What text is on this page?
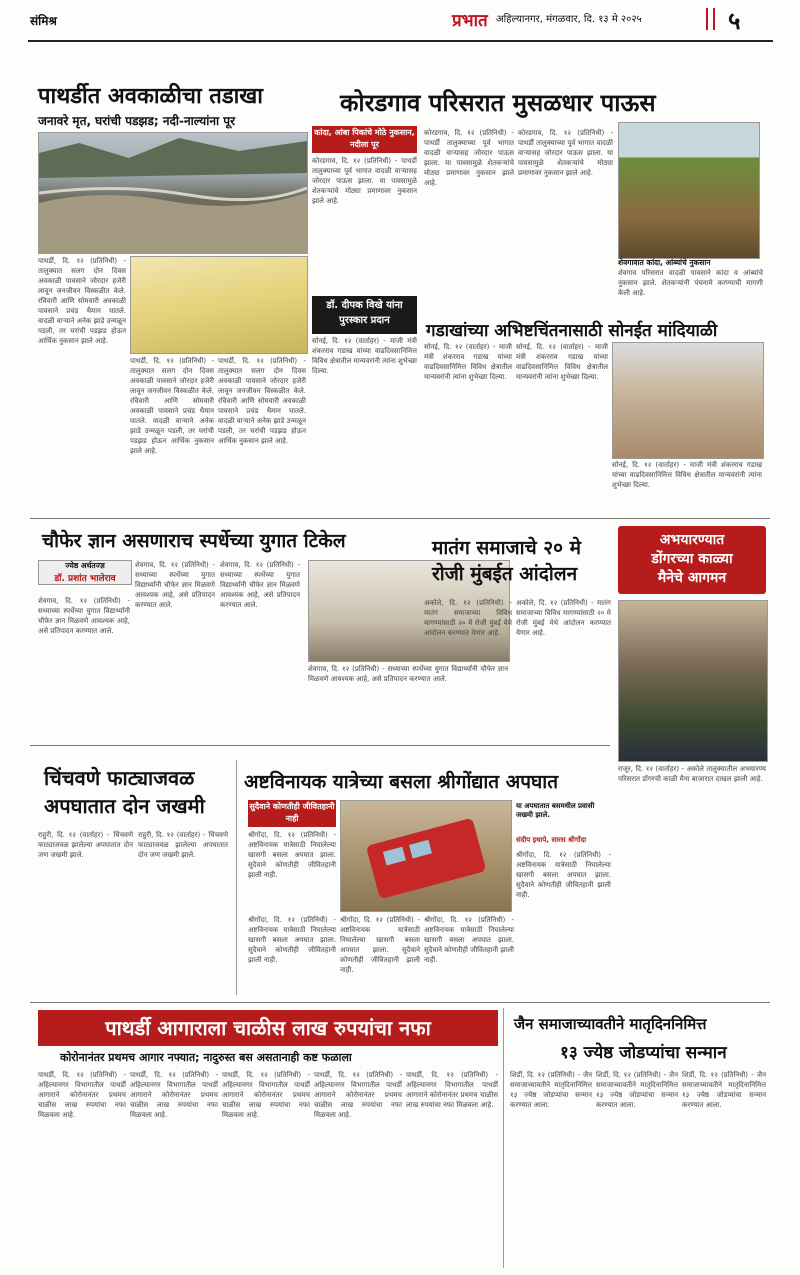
संमिश्र	प्रभात अहिल्यानगर, मंगळवार, दि. १३ मे २०२५	५
पाथर्डीत अवकाळीचा तडाखा
जनावरे मृत, घरांची पडझड; नदी-नाल्यांना पूर
पाथर्डी, दि. १२ (प्रतिनिधी) - तालुक्यात सलग दोन दिवस अवकाळी पावसाने जोरदार हजेरी लावून जनजीवन विस्कळीत केले. रविवारी आणि सोमवारी अवकाळी पावसाने प्रचंड थैमान घातले. वादळी वाऱ्याने अनेक झाडे उन्मळून पडली, तर घरांची पडझड होऊन आर्थिक नुकसान झाले आहे.
पाथर्डी, दि. १२ (प्रतिनिधी) - तालुक्यात सलग दोन दिवस अवकाळी पावसाने जोरदार हजेरी लावून जनजीवन विस्कळीत केले. रविवारी आणि सोमवारी अवकाळी पावसाने प्रचंड थैमान घातले. वादळी वाऱ्याने अनेक झाडे उन्मळून पडली, तर घरांची पडझड होऊन आर्थिक नुकसान झाले आहे.
पाथर्डी, दि. १२ (प्रतिनिधी) - तालुक्यात सलग दोन दिवस अवकाळी पावसाने जोरदार हजेरी लावून जनजीवन विस्कळीत केले. रविवारी आणि सोमवारी अवकाळी पावसाने प्रचंड थैमान घातले. वादळी वाऱ्याने अनेक झाडे उन्मळून पडली, तर घरांची पडझड होऊन आर्थिक नुकसान झाले आहे.
कोरडगाव परिसरात मुसळधार पाऊस
कांदा, आंबा पिकांचे मोठे नुकसान, नदीला पूर
कोरडगाव, दि. १२ (प्रतिनिधी) - पाथर्डी तालुक्याच्या पूर्व भागात वादळी वाऱ्यासह जोरदार पाऊस झाला. या पावसामुळे शेतकऱ्यांचे मोठ्या प्रमाणावर नुकसान झाले आहे.
कोरडगाव, दि. १२ (प्रतिनिधी) - पाथर्डी तालुक्याच्या पूर्व भागात वादळी वाऱ्यासह जोरदार पाऊस झाला. या पावसामुळे शेतकऱ्यांचे मोठ्या प्रमाणावर नुकसान झाले आहे.
कोरडगाव, दि. १२ (प्रतिनिधी) - पाथर्डी तालुक्याच्या पूर्व भागात वादळी वाऱ्यासह जोरदार पाऊस झाला. या पावसामुळे शेतकऱ्यांचे मोठ्या प्रमाणावर नुकसान झाले आहे.
शेवगावात कांदा, आंब्यांचे नुकसान
शेवगाव परिसरात वादळी पावसाने कांदा व आंब्यांचे नुकसान झाले. शेतकऱ्यांनी पंचनामे करण्याची मागणी केली आहे.
डॉ. दीपक विखे यांना पुरस्कार प्रदान
सोनई, दि. १२ (वार्ताहर) - माजी मंत्री शंकरराव गडाख यांच्या वाढदिवसानिमित्त विविध क्षेत्रातील मान्यवरांनी त्यांना शुभेच्छा दिल्या.
गडाखांच्या अभिष्टचिंतनासाठी सोनईत मांदियाळी
सोनई, दि. १२ (वार्ताहर) - माजी मंत्री शंकरराव गडाख यांच्या वाढदिवसानिमित्त विविध क्षेत्रातील मान्यवरांनी त्यांना शुभेच्छा दिल्या.
सोनई, दि. १२ (वार्ताहर) - माजी मंत्री शंकरराव गडाख यांच्या वाढदिवसानिमित्त विविध क्षेत्रातील मान्यवरांनी त्यांना शुभेच्छा दिल्या.
सोनई, दि. १२ (वार्ताहर) - माजी मंत्री शंकरराव गडाख यांच्या वाढदिवसानिमित्त विविध क्षेत्रातील मान्यवरांनी त्यांना शुभेच्छा दिल्या.
चौफेर ज्ञान असणाराच स्पर्धेच्या युगात टिकेल
ज्येष्ठ अर्थतज्ज्ञ
डॉ. प्रशांत भालेराव
शेवगाव, दि. १२ (प्रतिनिधी) - सध्याच्या स्पर्धेच्या युगात विद्यार्थ्यांनी चौफेर ज्ञान मिळवणे आवश्यक आहे, असे प्रतिपादन करण्यात आले.
शेवगाव, दि. १२ (प्रतिनिधी) - सध्याच्या स्पर्धेच्या युगात विद्यार्थ्यांनी चौफेर ज्ञान मिळवणे आवश्यक आहे, असे प्रतिपादन करण्यात आले.
शेवगाव, दि. १२ (प्रतिनिधी) - सध्याच्या स्पर्धेच्या युगात विद्यार्थ्यांनी चौफेर ज्ञान मिळवणे आवश्यक आहे, असे प्रतिपादन करण्यात आले.
शेवगाव, दि. १२ (प्रतिनिधी) - सध्याच्या स्पर्धेच्या युगात विद्यार्थ्यांनी चौफेर ज्ञान मिळवणे आवश्यक आहे, असे प्रतिपादन करण्यात आले.
मातंग समाजाचे २० मे
रोजी मुंबईत आंदोलन
अकोले, दि. १२ (प्रतिनिधी) - मातंग समाजाच्या विविध मागण्यांसाठी २० मे रोजी मुंबई येथे आंदोलन करण्यात येणार आहे.
अकोले, दि. १२ (प्रतिनिधी) - मातंग समाजाच्या विविध मागण्यांसाठी २० मे रोजी मुंबई येथे आंदोलन करण्यात येणार आहे.
अभयारण्यात
डोंगरच्या काळ्या
मैनेचे आगमन
राजूर, दि. १२ (वार्ताहर) - अकोले तालुक्यातील अभयारण्य परिसरात डोंगरची काळी मैना बाजारात दाखल झाली आहे.
चिंचवणे फाट्याजवळ
अपघातात दोन जखमी
राहुरी, दि. १२ (वार्ताहर) - चिंचवणे फाट्याजवळ झालेल्या अपघातात दोन जण जखमी झाले.
राहुरी, दि. १२ (वार्ताहर) - चिंचवणे फाट्याजवळ झालेल्या अपघातात दोन जण जखमी झाले.
अष्टविनायक यात्रेच्या बसला श्रीगोंद्यात अपघात
सुदैवाने कोणतीही जीवितहानी नाही
श्रीगोंदा, दि. १२ (प्रतिनिधी) - अष्टविनायक यात्रेसाठी निघालेल्या खासगी बसला अपघात झाला. सुदैवाने कोणतीही जीवितहानी झाली नाही.
या अपघातात बसमधील प्रवासी जखमी झाले.
संदीप इथापे, सारस श्रीगोंदा
श्रीगोंदा, दि. १२ (प्रतिनिधी) - अष्टविनायक यात्रेसाठी निघालेल्या खासगी बसला अपघात झाला. सुदैवाने कोणतीही जीवितहानी झाली नाही.
श्रीगोंदा, दि. १२ (प्रतिनिधी) - अष्टविनायक यात्रेसाठी निघालेल्या खासगी बसला अपघात झाला. सुदैवाने कोणतीही जीवितहानी झाली नाही.
श्रीगोंदा, दि. १२ (प्रतिनिधी) - अष्टविनायक यात्रेसाठी निघालेल्या खासगी बसला अपघात झाला. सुदैवाने कोणतीही जीवितहानी झाली नाही.
श्रीगोंदा, दि. १२ (प्रतिनिधी) - अष्टविनायक यात्रेसाठी निघालेल्या खासगी बसला अपघात झाला. सुदैवाने कोणतीही जीवितहानी झाली नाही.
पाथर्डी आगाराला चाळीस लाख रुपयांचा नफा
कोरोनानंतर प्रथमच आगार नफ्यात; नादुरुस्त बस असतानाही कष्ट फळाला
पाथर्डी, दि. १२ (प्रतिनिधी) - अहिल्यानगर विभागातील पाथर्डी आगाराने कोरोनानंतर प्रथमच चाळीस लाख रुपयांचा नफा मिळवला आहे.
पाथर्डी, दि. १२ (प्रतिनिधी) - अहिल्यानगर विभागातील पाथर्डी आगाराने कोरोनानंतर प्रथमच चाळीस लाख रुपयांचा नफा मिळवला आहे.
पाथर्डी, दि. १२ (प्रतिनिधी) - अहिल्यानगर विभागातील पाथर्डी आगाराने कोरोनानंतर प्रथमच चाळीस लाख रुपयांचा नफा मिळवला आहे.
पाथर्डी, दि. १२ (प्रतिनिधी) - अहिल्यानगर विभागातील पाथर्डी आगाराने कोरोनानंतर प्रथमच चाळीस लाख रुपयांचा नफा मिळवला आहे.
पाथर्डी, दि. १२ (प्रतिनिधी) - अहिल्यानगर विभागातील पाथर्डी आगाराने कोरोनानंतर प्रथमच चाळीस लाख रुपयांचा नफा मिळवला आहे.
जैन समाजाच्यावतीने मातृदिननिमित्त
१३ ज्येष्ठ जोडप्यांचा सन्मान
शिर्डी, दि. १२ (प्रतिनिधी) - जैन समाजाच्यावतीने मातृदिनानिमित्त १३ ज्येष्ठ जोडप्यांचा सन्मान करण्यात आला.
शिर्डी, दि. १२ (प्रतिनिधी) - जैन समाजाच्यावतीने मातृदिनानिमित्त १३ ज्येष्ठ जोडप्यांचा सन्मान करण्यात आला.
शिर्डी, दि. १२ (प्रतिनिधी) - जैन समाजाच्यावतीने मातृदिनानिमित्त १३ ज्येष्ठ जोडप्यांचा सन्मान करण्यात आला.
